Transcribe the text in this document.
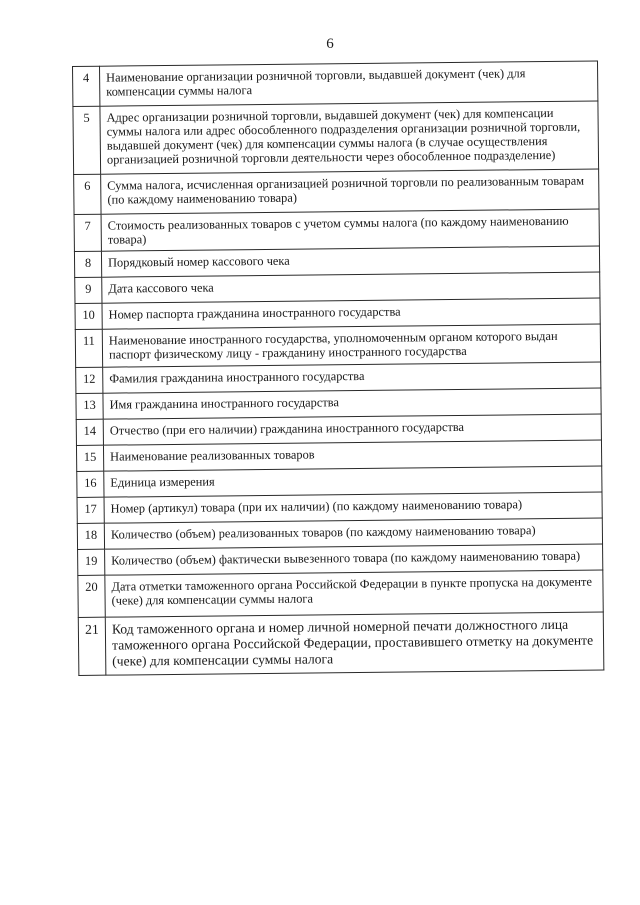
6
4	Наименование организации розничной торговли, выдавшей документ (чек) для компенсации суммы налога
5	Адрес организации розничной торговли, выдавшей документ (чек) для компенсации суммы налога или адрес обособленного подразделения организации розничной торговли, выдавшей документ (чек) для компенсации суммы налога (в случае осуществления организацией розничной торговли деятельности через обособленное подразделение)
6	Сумма налога, исчисленная организацией розничной торговли по реализованным товарам (по каждому наименованию товара)
7	Стоимость реализованных товаров с учетом суммы налога (по каждому наименованию товара)
8	Порядковый номер кассового чека
9	Дата кассового чека
10	Номер паспорта гражданина иностранного государства
11	Наименование иностранного государства, уполномоченным органом которого выдан паспорт физическому лицу - гражданину иностранного государства
12	Фамилия гражданина иностранного государства
13	Имя гражданина иностранного государства
14	Отчество (при его наличии) гражданина иностранного государства
15	Наименование реализованных товаров
16	Единица измерения
17	Номер (артикул) товара (при их наличии) (по каждому наименованию товара)
18	Количество (объем) реализованных товаров (по каждому наименованию товара)
19	Количество (объем) фактически вывезенного товара (по каждому наименованию товара)
20	Дата отметки таможенного органа Российской Федерации в пункте пропуска на документе (чеке) для компенсации суммы налога
21	Код таможенного органа и номер личной номерной печати должностного лица таможенного органа Российской Федерации, проставившего отметку на документе (чеке) для компенсации суммы налога
